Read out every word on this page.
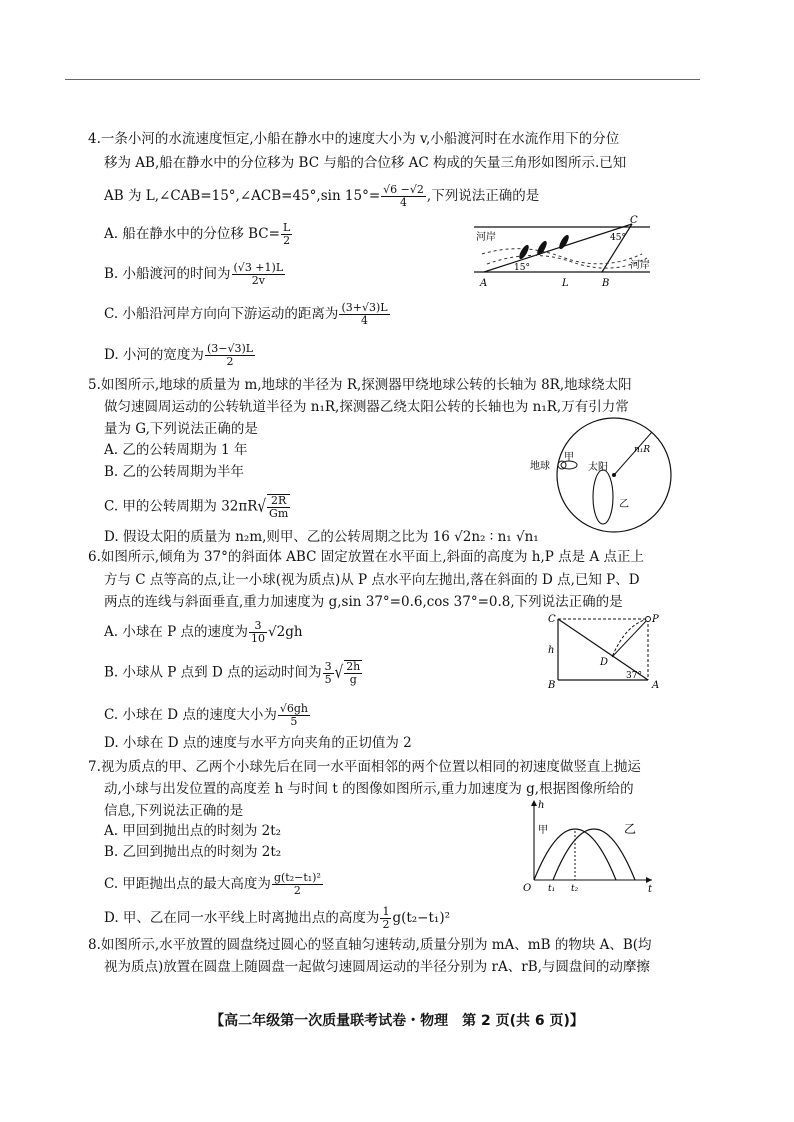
4.一条小河的水流速度恒定,小船在静水中的速度大小为 v,小船渡河时在水流作用下的分位
移为 AB,船在静水中的分位移为 BC 与船的合位移 AC 构成的矢量三角形如图所示.已知
AB 为 L,∠CAB=15°,∠ACB=45°,sin $15^\circ= \frac{√6 -√2}{4}$ ,下列说法正确的是
A. 船在静水中的分位移 $BC= \frac{L}{2}$
B. 小船渡河的时间为 $\frac{(√3 +1)L}{2v}$
C. 小船沿河岸方向向下游运动的距离为 $\frac{(3+√3)L}{4}$
D. 小河的宽度为 $\frac{(3-√3)L}{2}$
河岸
河岸
A	B
C
L
15°
45°
5.如图所示,地球的质量为 m,地球的半径为 R,探测器甲绕地球公转的长轴为 8R,地球绕太阳
做匀速圆周运动的公转轨道半径为 n₁R,探测器乙绕太阳公转的长轴也为 n₁R,万有引力常
量为 G,下列说法正确的是
A. 乙的公转周期为 1 年
B. 乙的公转周期为半年
C. 甲的公转周期为 $32\pi R√ \frac{2R}{Gm}$
D. 假设太阳的质量为 n₂m,则甲、乙的公转周期之比为 16 √2n₂ ∶ n₁ √n₁
地球
甲
太阳
乙
n₁R
6.如图所示,倾角为 37°的斜面体 ABC 固定放置在水平面上,斜面的高度为 h,P 点是 A 点正上
方与 C 点等高的点,让一小球(视为质点)从 P 点水平向左抛出,落在斜面的 D 点,已知 P、D
两点的连线与斜面垂直,重力加速度为 g,sin 37°=0.6,cos 37°=0.8,下列说法正确的是
A. 小球在 P 点的速度为 $\frac{3}{10} √2gh$
B. 小球从 P 点到 D 点的运动时间为 $\frac{3}{5}$ √ $\frac{2h}{g}$
C. 小球在 D 点的速度大小为 $\frac{√6gh}{5}$
D. 小球在 D 点的速度与水平方向夹角的正切值为 2
C	P
h
D
B	A
37°
7.视为质点的甲、乙两个小球先后在同一水平面相邻的两个位置以相同的初速度做竖直上抛运
动,小球与出发位置的高度差 h 与时间 t 的图像如图所示,重力加速度为 g,根据图像所给的
信息,下列说法正确的是
A. 甲回到抛出点的时刻为 2t₂
B. 乙回到抛出点的时刻为 2t₂
C. 甲距抛出点的最大高度为 $\frac{\text{g(t₂−t₁)²}}{2}$
D. 甲、乙在同一水平线上时离抛出点的高度为 $\frac{1}{2} g(t_2-t_1)^2$
h
t
O t₁ t₂
甲	乙
8.如图所示,水平放置的圆盘绕过圆心的竖直轴匀速转动,质量分别为 mA、mB 的物块 A、B(均
视为质点)放置在圆盘上随圆盘一起做匀速圆周运动的半径分别为 rA、rB,与圆盘间的动摩擦
【高二年级第一次质量联考试卷・物理　第 2 页(共 6 页)】
